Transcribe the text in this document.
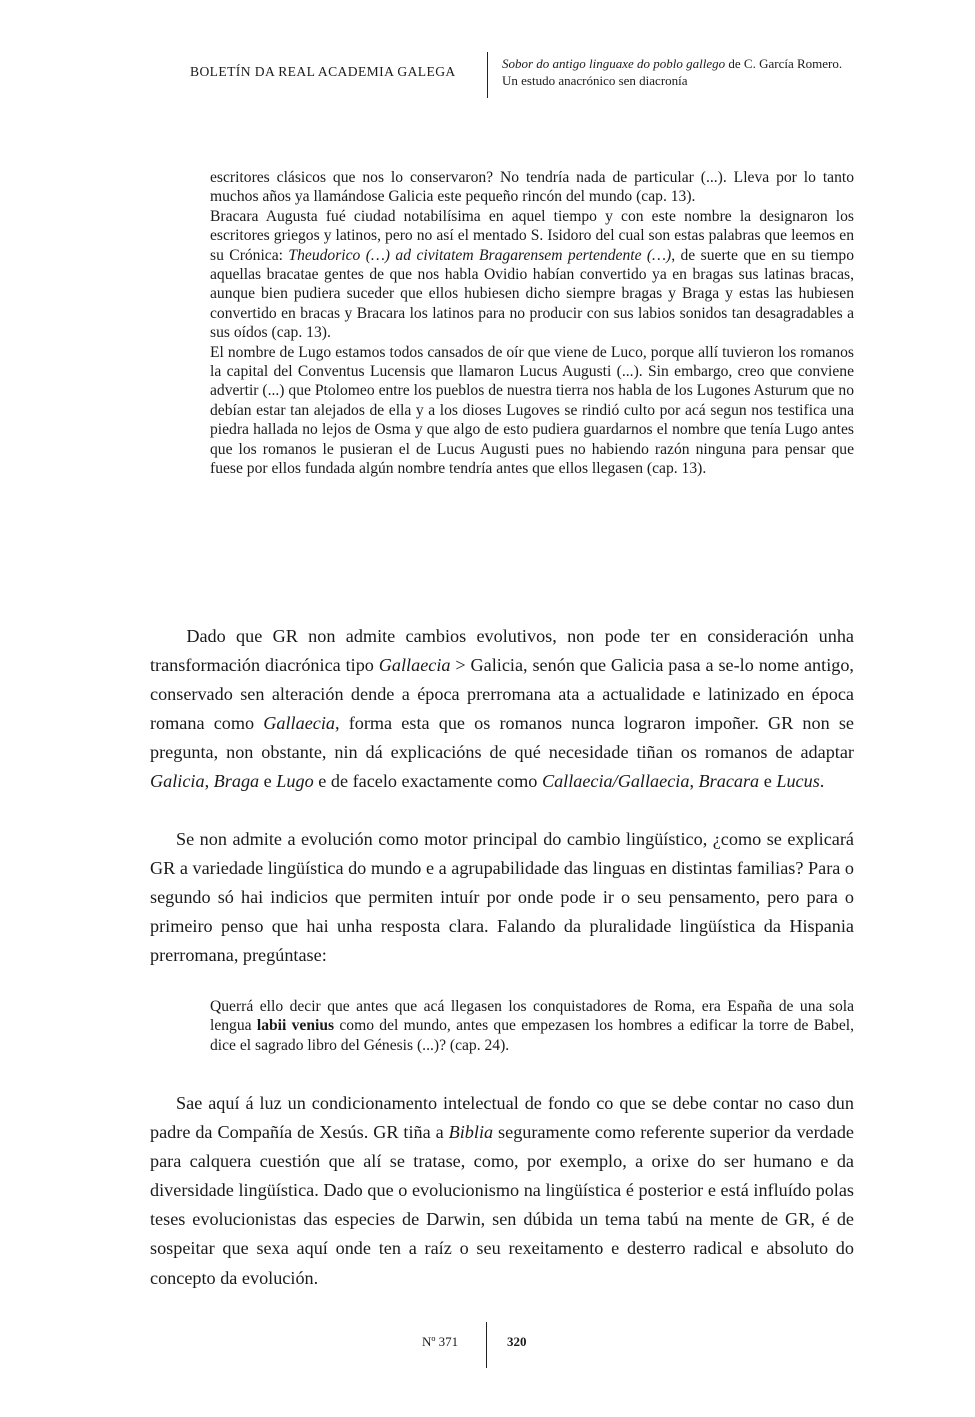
BOLETÍN DA REAL ACADEMIA GALEGA
Sobor do antigo linguaxe do poblo gallego de C. García Romero.
Un estudo anacrónico sen diacronía

escritores clásicos que nos lo conservaron? No tendría nada de particular (...). Lleva por lo tanto muchos años ya llamándose Galicia este pequeño rincón del mundo (cap. 13).

Bracara Augusta fué ciudad notabilísima en aquel tiempo y con este nombre la designaron los escritores griegos y latinos, pero no así el mentado S. Isidoro del cual son estas palabras que leemos en su Crónica: Theudorico (…) ad civitatem Bragarensem pertendente (…), de suerte que en su tiempo aquellas bracatae gentes de que nos habla Ovidio habían convertido ya en bragas sus latinas bracas, aunque bien pudiera suceder que ellos hubiesen dicho siempre bragas y Braga y estas las hubiesen convertido en bracas y Bracara los latinos para no producir con sus labios sonidos tan desagradables a sus oídos (cap. 13).

El nombre de Lugo estamos todos cansados de oír que viene de Luco, porque allí tuvieron los romanos la capital del Conventus Lucensis que llamaron Lucus Augusti (...). Sin embargo, creo que conviene advertir (...) que Ptolomeo entre los pueblos de nuestra tierra nos habla de los Lugones Asturum que no debían estar tan alejados de ella y a los dioses Lugoves se rindió culto por acá segun nos testifica una piedra hallada no lejos de Osma y que algo de esto pudiera guardarnos el nombre que tenía Lugo antes que los romanos le pusieran el de Lucus Augusti pues no habiendo razón ninguna para pensar que fuese por ellos fundada algún nombre tendría antes que ellos llegasen (cap. 13).

Dado que GR non admite cambios evolutivos, non pode ter en consideración unha transformación diacrónica tipo Gallaecia > Galicia, senón que Galicia pasa a se-lo nome antigo, conservado sen alteración dende a época prerromana ata a actualidade e latinizado en época romana como Gallaecia, forma esta que os romanos nunca lograron impoñer. GR non se pregunta, non obstante, nin dá explicacións de qué necesidade tiñan os romanos de adaptar Galicia, Braga e Lugo e de facelo exactamente como Callaecia/Gallaecia, Bracara e Lucus.

Se non admite a evolución como motor principal do cambio lingüístico, ¿como se explicará GR a variedade lingüística do mundo e a agrupabilidade das linguas en distintas familias? Para o segundo só hai indicios que permiten intuír por onde pode ir o seu pensamento, pero para o primeiro penso que hai unha resposta clara. Falando da pluralidade lingüística da Hispania prerromana, pregúntase:

Querrá ello decir que antes que acá llegasen los conquistadores de Roma, era España de una sola lengua labii venius como del mundo, antes que empezasen los hombres a edificar la torre de Babel, dice el sagrado libro del Génesis (...)? (cap. 24).

Sae aquí á luz un condicionamento intelectual de fondo co que se debe contar no caso dun padre da Compañía de Xesús. GR tiña a Biblia seguramente como referente superior da verdade para calquera cuestión que alí se tratase, como, por exemplo, a orixe do ser humano e da diversidade lingüística. Dado que o evolucionismo na lingüística é posterior e está influído polas teses evolucionistas das especies de Darwin, sen dúbida un tema tabú na mente de GR, é de sospeitar que sexa aquí onde ten a raíz o seu rexeitamento e desterro radical e absoluto do concepto da evolución.

Nº 371	320
